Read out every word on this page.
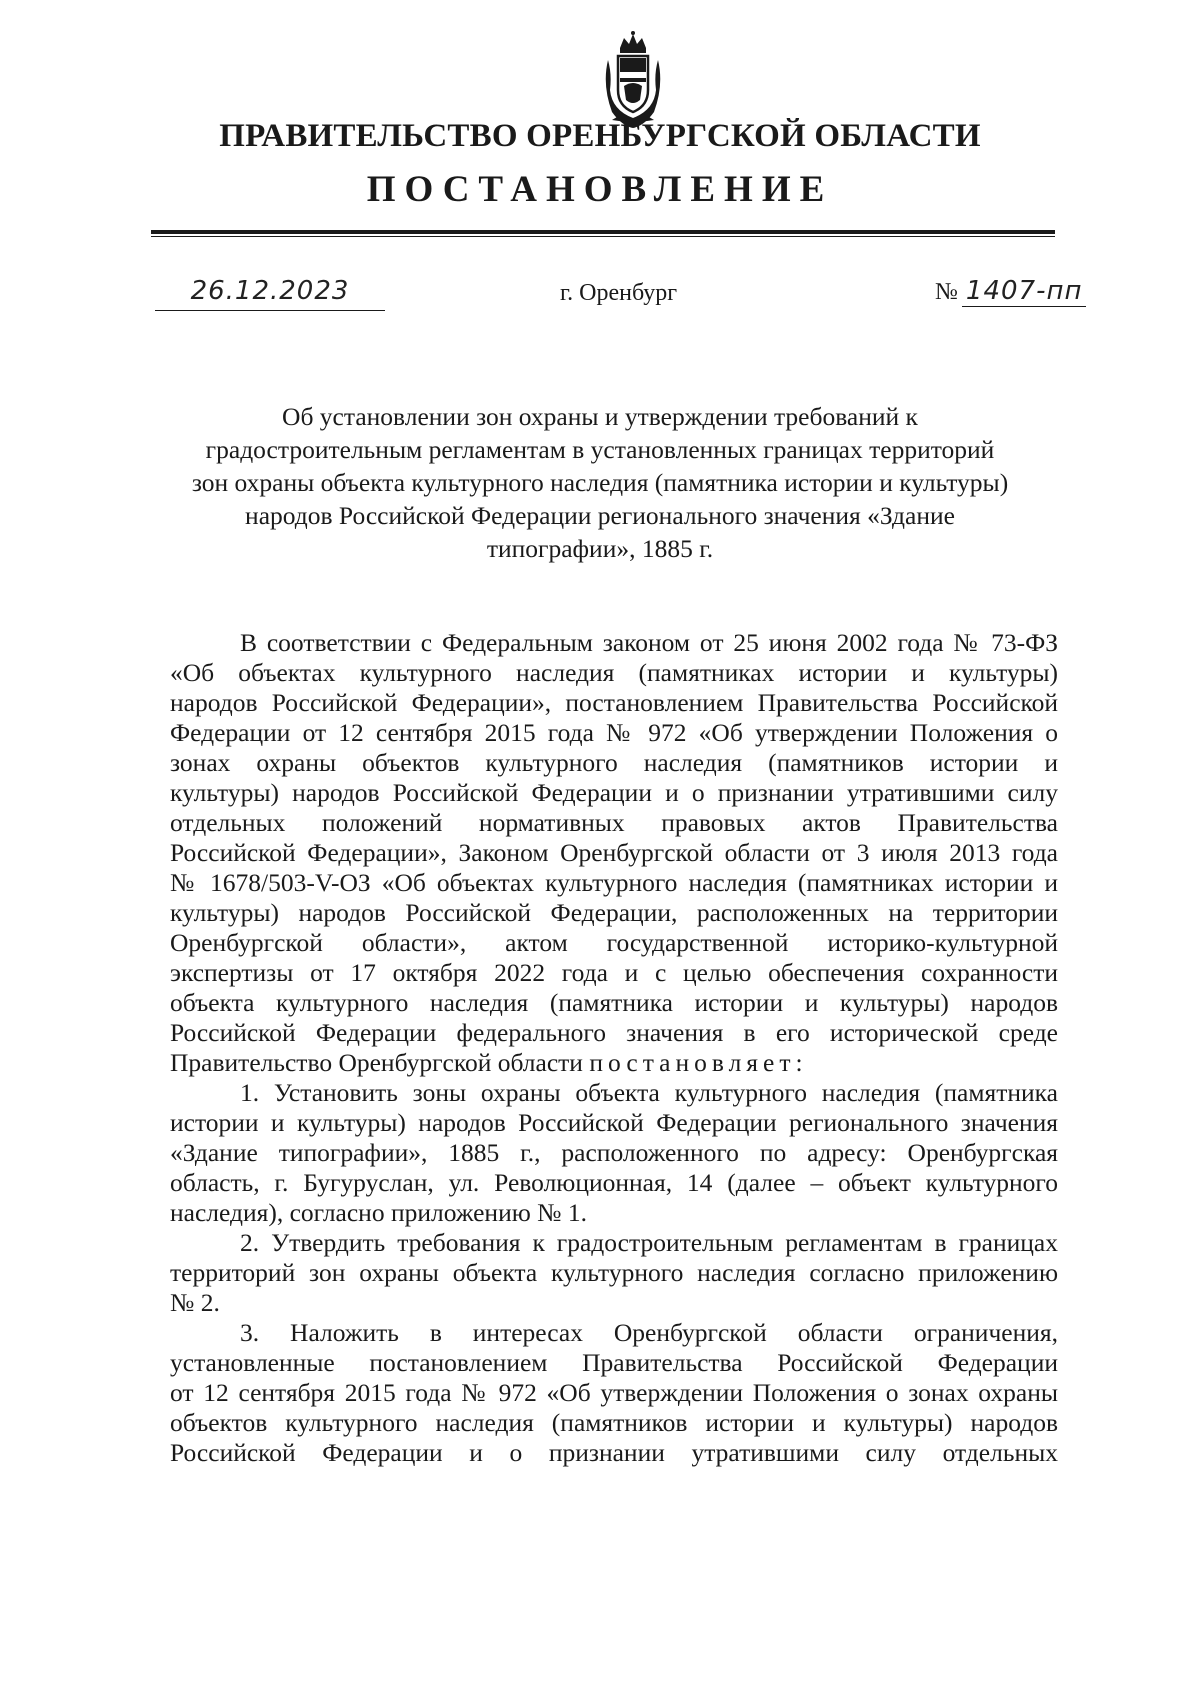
ПРАВИТЕЛЬСТВО ОРЕНБУРГСКОЙ ОБЛАСТИ
ПОСТАНОВЛЕНИЕ
26.12.2023	г. Оренбург	№ 1407-пп
Об установлении зон охраны и утверждении требований к
градостроительным регламентам в установленных границах территорий
зон охраны объекта культурного наследия (памятника истории и культуры)
народов Российской Федерации регионального значения «Здание
типографии», 1885 г.

В соответствии с Федеральным законом от 25 июня 2002 года № 73-ФЗ
«Об объектах культурного наследия (памятниках истории и культуры)
народов Российской Федерации», постановлением Правительства Российской
Федерации от 12 сентября 2015 года № 972 «Об утверждении Положения о
зонах охраны объектов культурного наследия (памятников истории и
культуры) народов Российской Федерации и о признании утратившими силу
отдельных положений нормативных правовых актов Правительства
Российской Федерации», Законом Оренбургской области от 3 июля 2013 года
№ 1678/503-V-ОЗ «Об объектах культурного наследия (памятниках истории и
культуры) народов Российской Федерации, расположенных на территории
Оренбургской области», актом государственной историко-культурной
экспертизы от 17 октября 2022 года и с целью обеспечения сохранности
объекта культурного наследия (памятника истории и культуры) народов
Российской Федерации федерального значения в его исторической среде
Правительство Оренбургской области постановляет:

1. Установить зоны охраны объекта культурного наследия (памятника
истории и культуры) народов Российской Федерации регионального значения
«Здание типографии», 1885 г., расположенного по адресу: Оренбургская
область, г. Бугуруслан, ул. Революционная, 14 (далее – объект культурного
наследия), согласно приложению № 1.

2. Утвердить требования к градостроительным регламентам в границах
территорий зон охраны объекта культурного наследия согласно приложению
№ 2.

3. Наложить в интересах Оренбургской области ограничения,
установленные постановлением Правительства Российской Федерации
от 12 сентября 2015 года № 972 «Об утверждении Положения о зонах охраны
объектов культурного наследия (памятников истории и культуры) народов
Российской Федерации и о признании утратившими силу отдельных
